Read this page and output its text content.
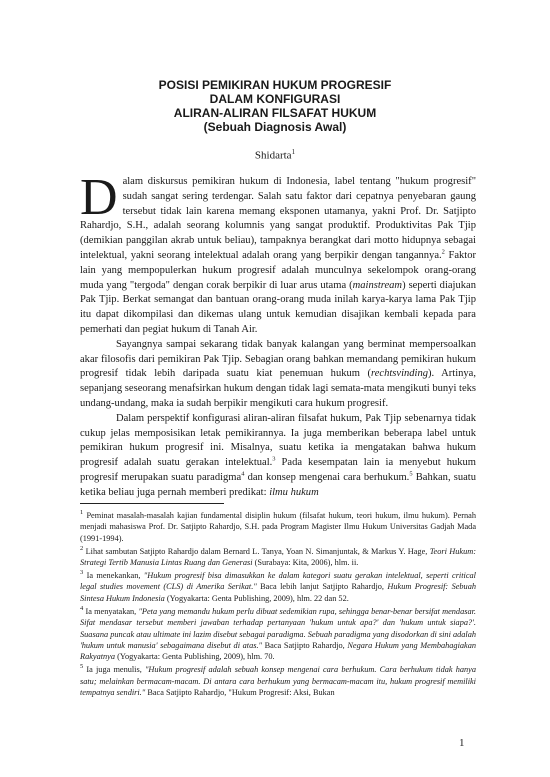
POSISI PEMIKIRAN HUKUM PROGRESIF
DALAM KONFIGURASI
ALIRAN-ALIRAN FILSAFAT HUKUM
(Sebuah Diagnosis Awal)
Shidarta$^1$

Dalam diskursus pemikiran hukum di Indonesia, label tentang "hukum progresif" sudah sangat sering terdengar. Salah satu faktor dari cepatnya penyebaran gaung tersebut tidak lain karena memang eksponen utamanya, yakni Prof. Dr. Satjipto Rahardjo, S.H., adalah seorang kolumnis yang sangat produktif. Produktivitas Pak Tjip (demikian panggilan akrab untuk beliau), tampaknya berangkat dari motto hidupnya sebagai intelektual, yakni seorang intelektual adalah orang yang berpikir dengan tangannya.$^2$ Faktor lain yang mempopulerkan hukum progresif adalah munculnya sekelompok orang-orang muda yang "tergoda" dengan corak berpikir di luar arus utama (mainstream) seperti diajukan Pak Tjip. Berkat semangat dan bantuan orang-orang muda inilah karya-karya lama Pak Tjip itu dapat dikompilasi dan dikemas ulang untuk kemudian disajikan kembali kepada para pemerhati dan pegiat hukum di Tanah Air.

Sayangnya sampai sekarang tidak banyak kalangan yang berminat mempersoalkan akar filosofis dari pemikiran Pak Tjip. Sebagian orang bahkan memandang pemikiran hukum progresif tidak lebih daripada suatu kiat penemuan hukum (rechtsvinding). Artinya, sepanjang seseorang menafsirkan hukum dengan tidak lagi semata-mata mengikuti bunyi teks undang-undang, maka ia sudah berpikir mengikuti cara hukum progresif.

Dalam perspektif konfigurasi aliran-aliran filsafat hukum, Pak Tjip sebenarnya tidak cukup jelas memposisikan letak pemikirannya. Ia juga memberikan beberapa label untuk pemikiran hukum progresif ini. Misalnya, suatu ketika ia mengatakan bahwa hukum progresif adalah suatu gerakan intelektual.$^3$ Pada kesempatan lain ia menyebut hukum progresif merupakan suatu paradigma$^4$ dan konsep mengenai cara berhukum.$^5$ Bahkan, suatu ketika beliau juga pernah memberi predikat: ilmu hukum

$^1$ Peminat masalah-masalah kajian fundamental disiplin hukum (filsafat hukum, teori hukum, ilmu hukum). Pernah menjadi mahasiswa Prof. Dr. Satjipto Rahardjo, S.H. pada Program Magister Ilmu Hukum Universitas Gadjah Mada (1991-1994).

$^2$ Lihat sambutan Satjipto Rahardjo dalam Bernard L. Tanya, Yoan N. Simanjuntak, & Markus Y. Hage, Teori Hukum: Strategi Tertib Manusia Lintas Ruang dan Generasi (Surabaya: Kita, 2006), hlm. ii.

$^3$ Ia menekankan, "Hukum progresif bisa dimasukkan ke dalam kategori suatu gerakan intelektual, seperti critical legal studies movement (CLS) di Amerika Serikat." Baca lebih lanjut Satjipto Rahardjo, Hukum Progresif: Sebuah Sintesa Hukum Indonesia (Yogyakarta: Genta Publishing, 2009), hlm. 22 dan 52.

$^4$ Ia menyatakan, "Peta yang memandu hukum perlu dibuat sedemikian rupa, sehingga benar-benar bersifat mendasar. Sifat mendasar tersebut memberi jawaban terhadap pertanyaan 'hukum untuk apa?' dan 'hukum untuk siapa?'. Suasana puncak atau ultimate ini lazim disebut sebagai paradigma. Sebuah paradigma yang disodorkan di sini adalah 'hukum untuk manusia' sebagaimana disebut di atas." Baca Satjipto Rahardjo, Negara Hukum yang Membahagiakan Rakyatnya (Yogyakarta: Genta Publishing, 2009), hlm. 70.

$^5$ Ia juga menulis, "Hukum progresif adalah sebuah konsep mengenai cara berhukum. Cara berhukum tidak hanya satu; melainkan bermacam-macam. Di antara cara berhukum yang bermacam-macam itu, hukum progresif memiliki tempatnya sendiri." Baca Satjipto Rahardjo, "Hukum Progresif: Aksi, Bukan

1
